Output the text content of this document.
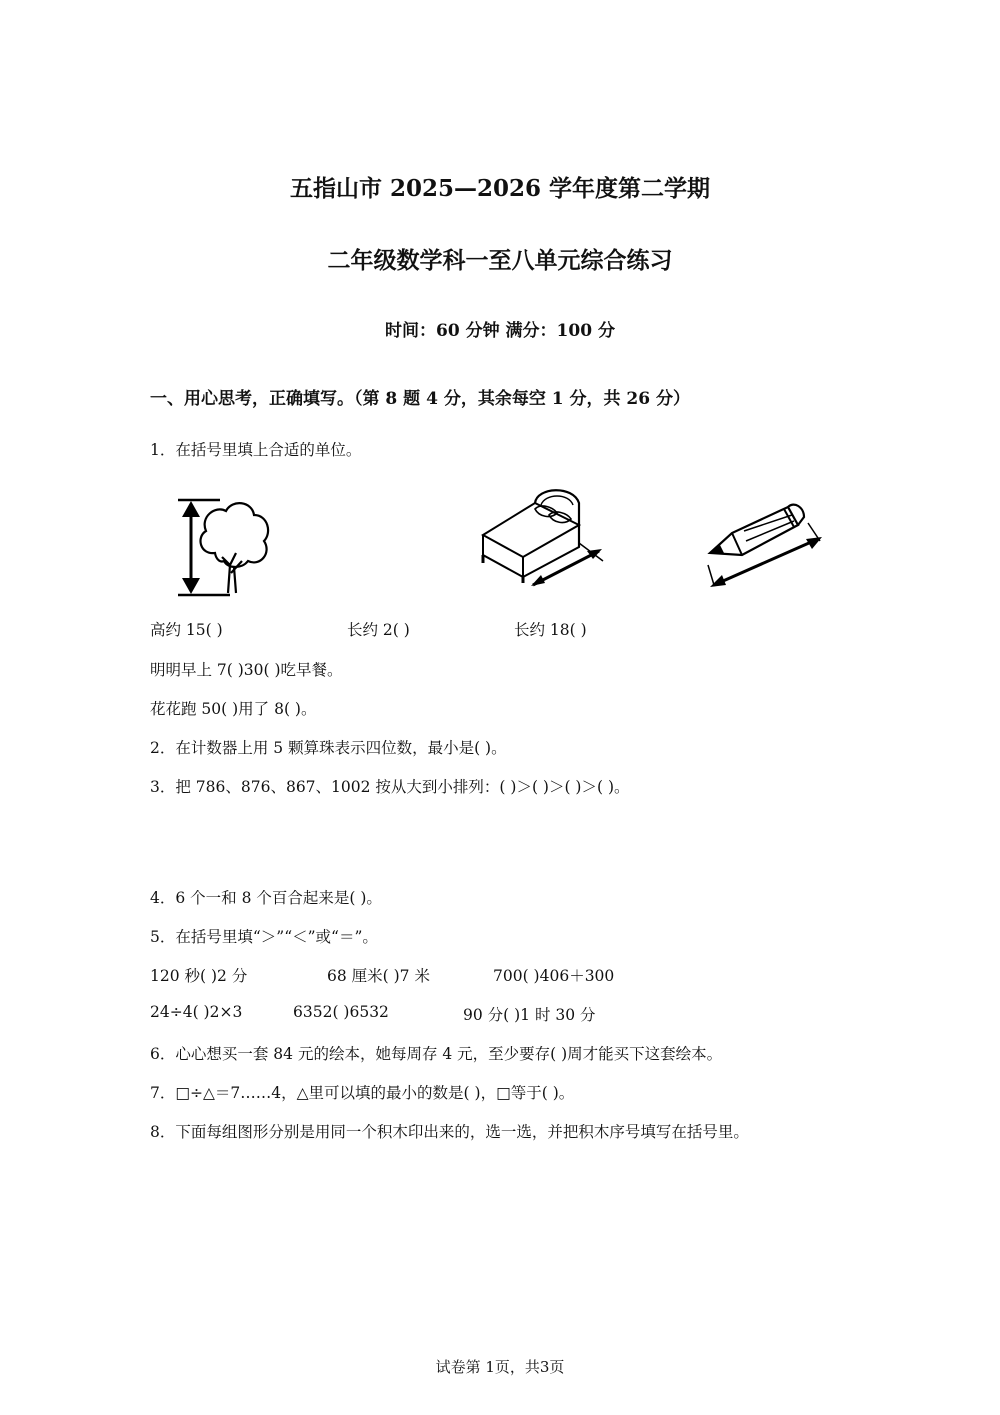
五指山市 2025—2026 学年度第二学期
二年级数学科一至八单元综合练习
时间：60 分钟 满分：100 分
一、用心思考，正确填写。（第 8 题 4 分，其余每空 1 分，共 26 分）
1．在括号里填上合适的单位。
高约 15( )	长约 2( )	长约 18( )
明明早上 7( )30( )吃早餐。
花花跑 50( )用了 8( )。
2．在计数器上用 5 颗算珠表示四位数，最小是( )。
3．把 786、876、867、1002 按从大到小排列：( )＞( )＞( )＞( )。
4．6 个一和 8 个百合起来是( )。
5．在括号里填“＞”“＜”或“＝”。
120 秒( )2 分	68 厘米( )7 米	700( )406＋300
24÷4( )2×3	6352( )6532	90 分( )1 时 30 分
6．心心想买一套 84 元的绘本，她每周存 4 元，至少要存( )周才能买下这套绘本。
7．□÷△＝7……4，△里可以填的最小的数是( )，□等于( )。
8．下面每组图形分别是用同一个积木印出来的，选一选，并把积木序号填写在括号里。
试卷第 1页，共3页
